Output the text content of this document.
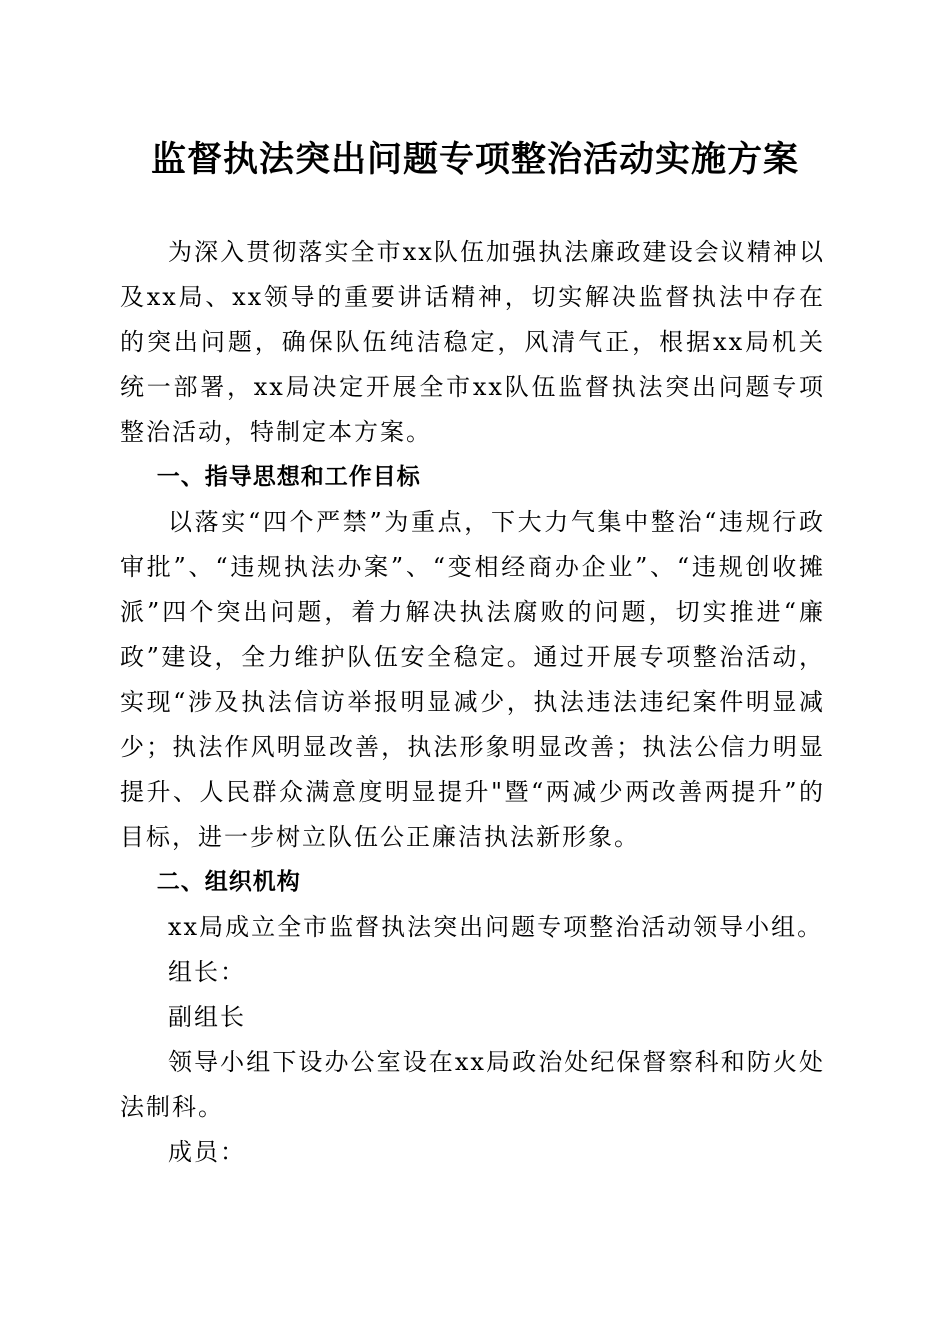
监督执法突出问题专项整治活动实施方案

为深入贯彻落实全市xx队伍加强执法廉政建设会议精神以及xx局、xx领导的重要讲话精神，切实解决监督执法中存在的突出问题，确保队伍纯洁稳定，风清气正，根据xx局机关统一部署，xx局决定开展全市xx队伍监督执法突出问题专项整治活动，特制定本方案。

一、指导思想和工作目标

以落实“四个严禁”为重点，下大力气集中整治“违规行政审批”、“违规执法办案”、“变相经商办企业”、“违规创收摊派”四个突出问题，着力解决执法腐败的问题，切实推进“廉政”建设，全力维护队伍安全稳定。通过开展专项整治活动，实现“涉及执法信访举报明显减少，执法违法违纪案件明显减少；执法作风明显改善，执法形象明显改善；执法公信力明显提升、人民群众满意度明显提升"暨“两减少两改善两提升”的目标，进一步树立队伍公正廉洁执法新形象。

二、组织机构

xx局成立全市监督执法突出问题专项整治活动领导小组。

组长：

副组长

领导小组下设办公室设在xx局政治处纪保督察科和防火处法制科。

成员：
